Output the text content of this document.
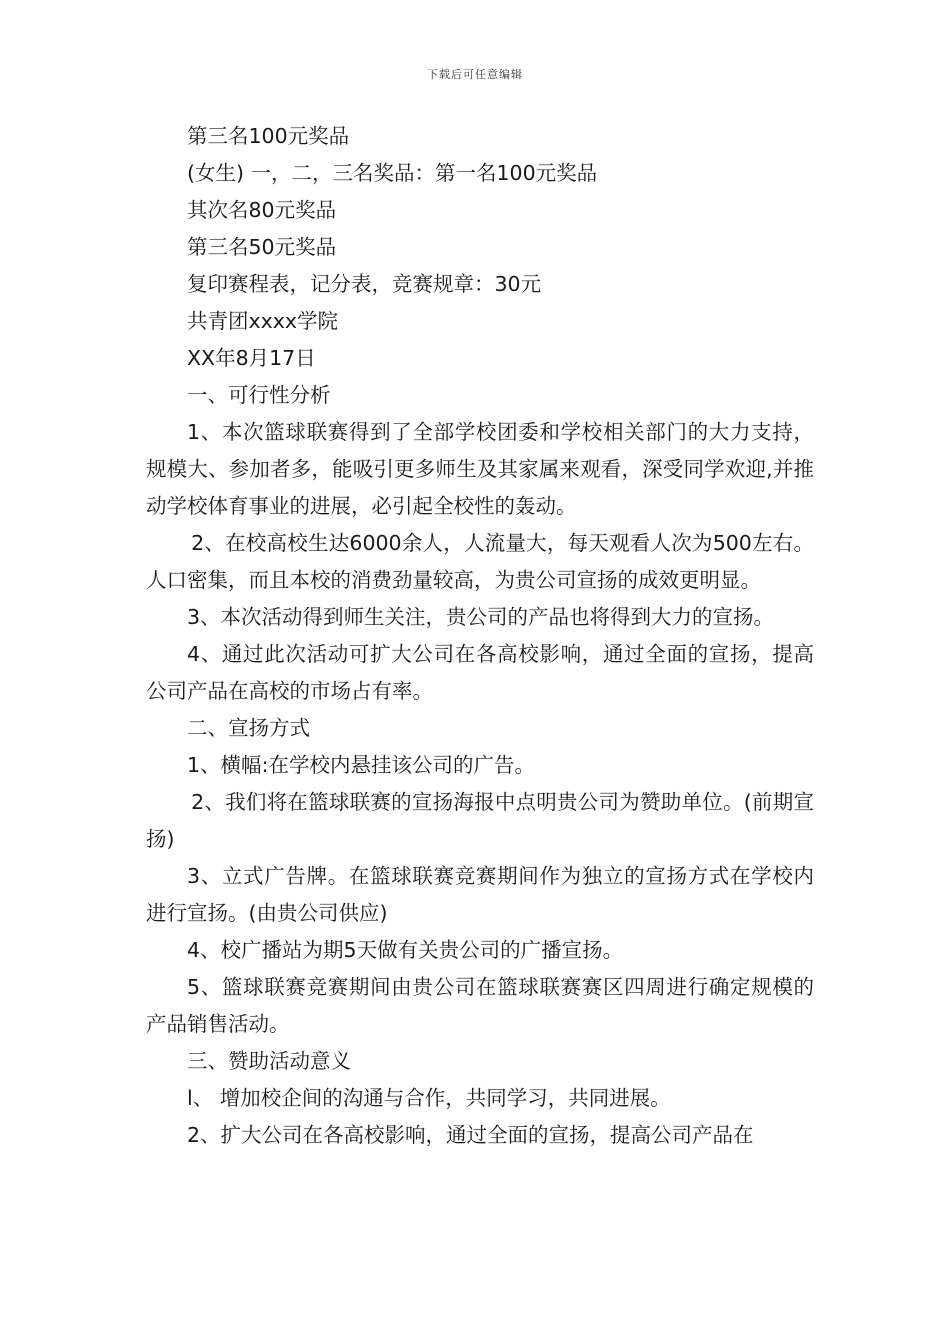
下载后可任意编辑

第三名100元奖品

(女生) 一，二，三名奖品：第一名100元奖品

其次名80元奖品

第三名50元奖品

复印赛程表，记分表，竞赛规章：30元

共青团xxxx学院

XX年8月17日

一、可行性分析

1、本次篮球联赛得到了全部学校团委和学校相关部门的大力支持，规模大、参加者多，能吸引更多师生及其家属来观看，深受同学欢迎,并推动学校体育事业的进展，必引起全校性的轰动。

2、在校高校生达6000余人，人流量大，每天观看人次为500左右。人口密集，而且本校的消费劲量较高，为贵公司宣扬的成效更明显。

3、本次活动得到师生关注，贵公司的产品也将得到大力的宣扬。

4、通过此次活动可扩大公司在各高校影响，通过全面的宣扬，提高公司产品在高校的市场占有率。

二、宣扬方式

1、横幅:在学校内悬挂该公司的广告。

2、我们将在篮球联赛的宣扬海报中点明贵公司为赞助单位。(前期宣扬)

3、立式广告牌。在篮球联赛竞赛期间作为独立的宣扬方式在学校内进行宣扬。(由贵公司供应)

4、校广播站为期5天做有关贵公司的广播宣扬。

5、篮球联赛竞赛期间由贵公司在篮球联赛赛区四周进行确定规模的产品销售活动。

三、赞助活动意义

l、 增加校企间的沟通与合作，共同学习，共同进展。

2、扩大公司在各高校影响，通过全面的宣扬，提高公司产品在
